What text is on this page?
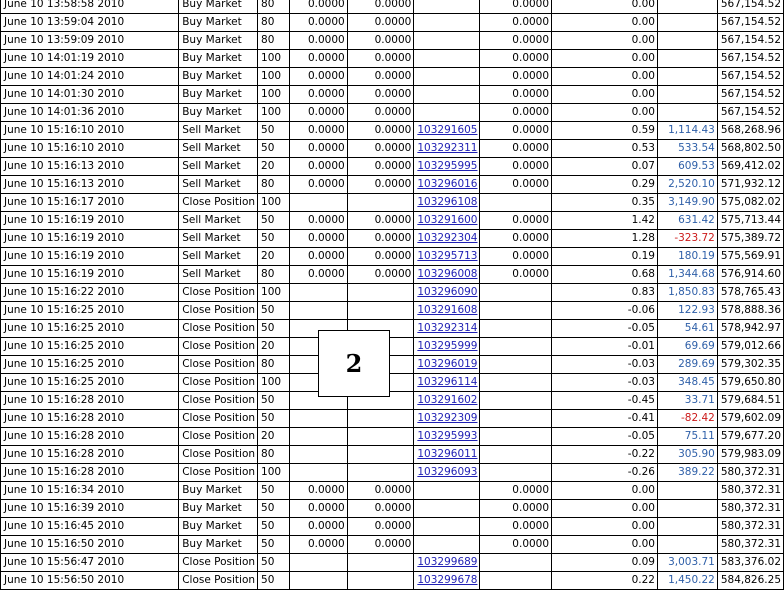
June 10 13:58:58 2010	Buy Market	80	0.0000	0.0000		0.0000	0.00		567,154.52
June 10 13:59:04 2010	Buy Market	80	0.0000	0.0000		0.0000	0.00		567,154.52
June 10 13:59:09 2010	Buy Market	80	0.0000	0.0000		0.0000	0.00		567,154.52
June 10 14:01:19 2010	Buy Market	100	0.0000	0.0000		0.0000	0.00		567,154.52
June 10 14:01:24 2010	Buy Market	100	0.0000	0.0000		0.0000	0.00		567,154.52
June 10 14:01:30 2010	Buy Market	100	0.0000	0.0000		0.0000	0.00		567,154.52
June 10 14:01:36 2010	Buy Market	100	0.0000	0.0000		0.0000	0.00		567,154.52
June 10 15:16:10 2010	Sell Market	50	0.0000	0.0000	103291605	0.0000	0.59	1,114.43	568,268.96
June 10 15:16:10 2010	Sell Market	50	0.0000	0.0000	103292311	0.0000	0.53	533.54	568,802.50
June 10 15:16:13 2010	Sell Market	20	0.0000	0.0000	103295995	0.0000	0.07	609.53	569,412.02
June 10 15:16:13 2010	Sell Market	80	0.0000	0.0000	103296016	0.0000	0.29	2,520.10	571,932.12
June 10 15:16:17 2010	Close Position	100			103296108		0.35	3,149.90	575,082.02
June 10 15:16:19 2010	Sell Market	50	0.0000	0.0000	103291600	0.0000	1.42	631.42	575,713.44
June 10 15:16:19 2010	Sell Market	50	0.0000	0.0000	103292304	0.0000	1.28	-323.72	575,389.72
June 10 15:16:19 2010	Sell Market	20	0.0000	0.0000	103295713	0.0000	0.19	180.19	575,569.91
June 10 15:16:19 2010	Sell Market	80	0.0000	0.0000	103296008	0.0000	0.68	1,344.68	576,914.60
June 10 15:16:22 2010	Close Position	100			103296090		0.83	1,850.83	578,765.43
June 10 15:16:25 2010	Close Position	50			103291608		-0.06	122.93	578,888.36
June 10 15:16:25 2010	Close Position	50			103292314		-0.05	54.61	578,942.97
June 10 15:16:25 2010	Close Position	20			103295999		-0.01	69.69	579,012.66
June 10 15:16:25 2010	Close Position	80			103296019		-0.03	289.69	579,302.35
June 10 15:16:25 2010	Close Position	100			103296114		-0.03	348.45	579,650.80
June 10 15:16:28 2010	Close Position	50			103291602		-0.45	33.71	579,684.51
June 10 15:16:28 2010	Close Position	50			103292309		-0.41	-82.42	579,602.09
June 10 15:16:28 2010	Close Position	20			103295993		-0.05	75.11	579,677.20
June 10 15:16:28 2010	Close Position	80			103296011		-0.22	305.90	579,983.09
June 10 15:16:28 2010	Close Position	100			103296093		-0.26	389.22	580,372.31
June 10 15:16:34 2010	Buy Market	50	0.0000	0.0000		0.0000	0.00		580,372.31
June 10 15:16:39 2010	Buy Market	50	0.0000	0.0000		0.0000	0.00		580,372.31
June 10 15:16:45 2010	Buy Market	50	0.0000	0.0000		0.0000	0.00		580,372.31
June 10 15:16:50 2010	Buy Market	50	0.0000	0.0000		0.0000	0.00		580,372.31
June 10 15:56:47 2010	Close Position	50			103299689		0.09	3,003.71	583,376.02
June 10 15:56:50 2010	Close Position	50			103299678		0.22	1,450.22	584,826.25
2
